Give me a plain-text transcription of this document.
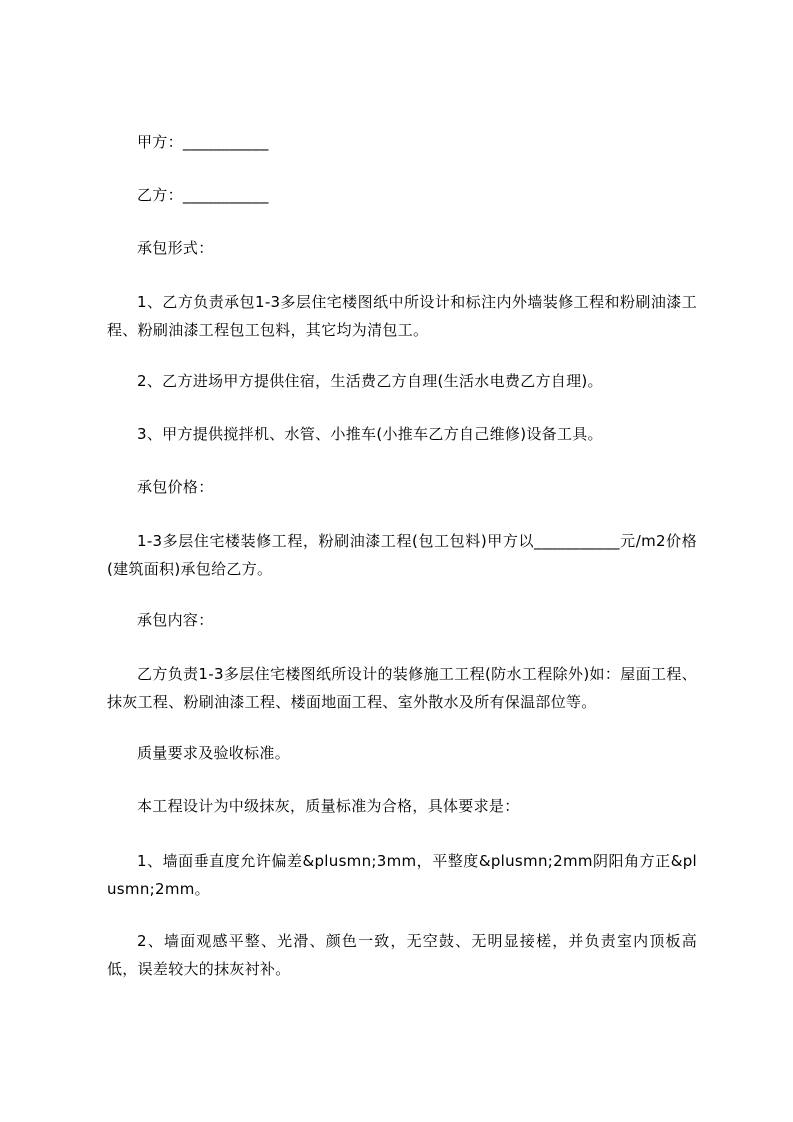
甲方：___________

乙方：___________

承包形式：

1、乙方负责承包1-3多层住宅楼图纸中所设计和标注内外墙装修工程和粉刷油漆工程、粉刷油漆工程包工包料，其它均为清包工。

2、乙方进场甲方提供住宿，生活费乙方自理(生活水电费乙方自理)。

3、甲方提供搅拌机、水管、小推车(小推车乙方自己维修)设备工具。

承包价格：

1-3多层住宅楼装修工程，粉刷油漆工程(包工包料)甲方以___________元/m2价格(建筑面积)承包给乙方。

承包内容：

乙方负责1-3多层住宅楼图纸所设计的装修施工工程(防水工程除外)如：屋面工程、抹灰工程、粉刷油漆工程、楼面地面工程、室外散水及所有保温部位等。

质量要求及验收标准。

本工程设计为中级抹灰，质量标准为合格，具体要求是：

1、墙面垂直度允许偏差&plusmn;3mm，平整度&plusmn;2mm阴阳角方正&plusmn;2mm。

2、墙面观感平整、光滑、颜色一致，无空鼓、无明显接槎，并负责室内顶板高低，误差较大的抹灰衬补。
